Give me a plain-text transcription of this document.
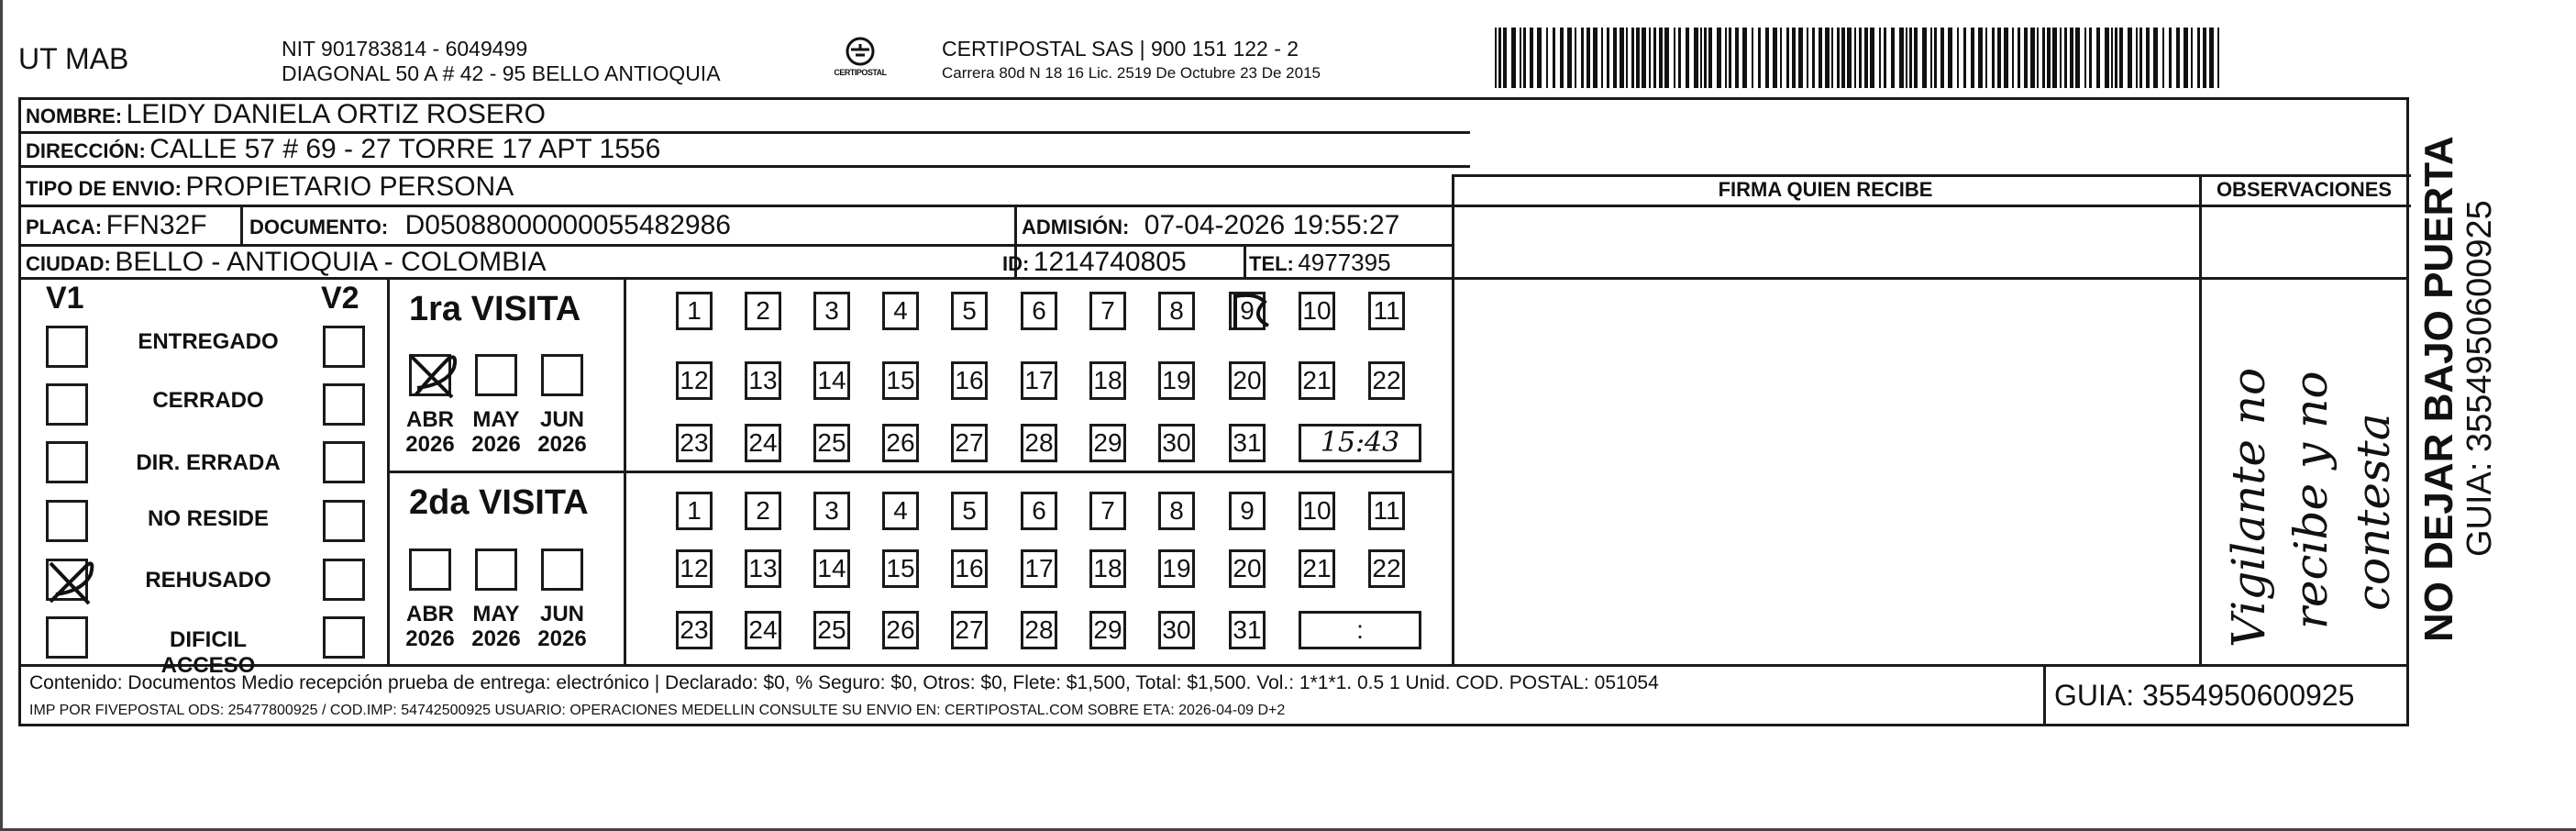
UT MAB	NIT 901783814 - 6049499
DIAGONAL 50 A # 42 - 95 BELLO ANTIOQUIA	CERTIPOSTAL
CERTIPOSTAL SAS | 900 151 122 - 2
Carrera 80d N 18 16 Lic. 2519 De Octubre 23 De 2015
FIRMA QUIEN RECIBE	OBSERVACIONES
Vigilante no recibe y no contesta
NOMBRE: LEIDY DANIELA ORTIZ ROSERO
DIRECCIÓN: CALLE 57 # 69 - 27 TORRE 17 APT 1556
TIPO DE ENVIO: PROPIETARIO PERSONA
PLACA: FFN32F DOCUMENTO: D05088000000055482986	ADMISIÓN: 07-04-2026 19:55:27
CIUDAD: BELLO - ANTIOQUIA - COLOMBIA	ID: 1214740805	TEL: 4977395
V1	V2
ENTREGADO
CERRADO
DIR. ERRADA
NO RESIDE
REHUSADO
DIFICIL ACCESO
1ra VISITA
ABR
2026
MAY
2026
JUN
2026
1	2	3	4	5	6	7	8	9	10 11
12 13 14 15 16 17 18 19 20 21 22
23 24 25 26 27 28 29 30 31	15:43
2da VISITA
ABR
2026
MAY
2026
JUN
2026
1	2	3	4	5	6	7	8	9	10 11
12 13 14 15 16 17 18 19 20 21 22
23 24 25 26 27 28 29 30 31	:	NO DEJAR BAJO PUERTA GUIA: 3554950600925
Contenido: Documentos Medio recepción prueba de entrega: electrónico | Declarado: $0, % Seguro: $0, Otros: $0, Flete: $1,500, Total: $1,500. Vol.: 1*1*1. 0.5 1 Unid. COD. POSTAL: 051054
IMP POR FIVEPOSTAL ODS: 25477800925 / COD.IMP: 54742500925 USUARIO: OPERACIONES MEDELLIN CONSULTE SU ENVIO EN: CERTIPOSTAL.COM SOBRE ETA: 2026-04-09 D+2	GUIA: 3554950600925
